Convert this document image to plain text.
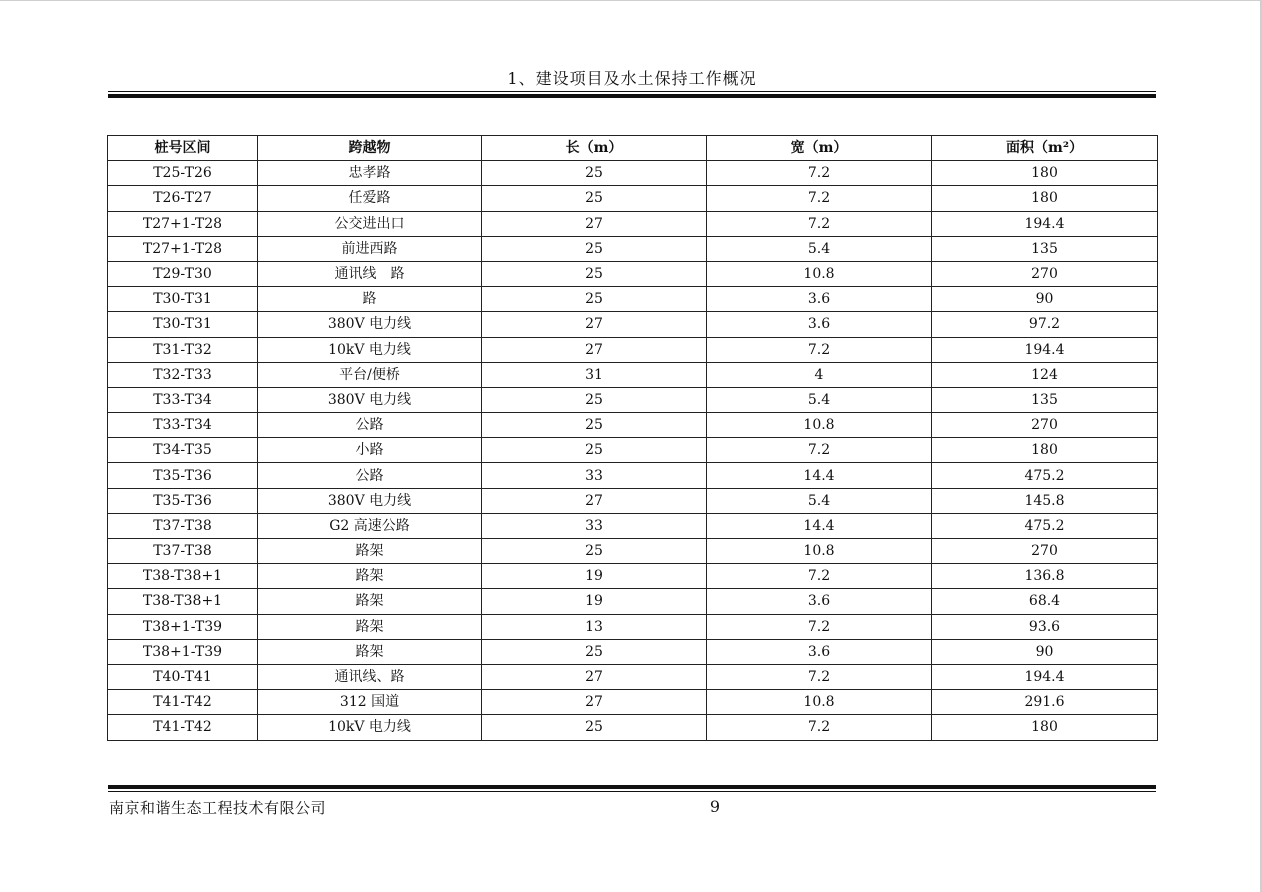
1、建设项目及水土保持工作概况
桩号区间	跨越物	长（m）	宽（m）	面积（m²）
T25-T26	忠孝路	25	7.2	180
T26-T27	任爱路	25	7.2	180
T27+1-T28	公交进出口	27	7.2	194.4
T27+1-T28	前进西路	25	5.4	135
T29-T30	通讯线　路	25	10.8	270
T30-T31	路	25	3.6	90
T30-T31	380V 电力线	27	3.6	97.2
T31-T32	10kV 电力线	27	7.2	194.4
T32-T33	平台/便桥	31	4	124
T33-T34	380V 电力线	25	5.4	135
T33-T34	公路	25	10.8	270
T34-T35	小路	25	7.2	180
T35-T36	公路	33	14.4	475.2
T35-T36	380V 电力线	27	5.4	145.8
T37-T38	G2 高速公路	33	14.4	475.2
T37-T38	路架	25	10.8	270
T38-T38+1	路架	19	7.2	136.8
T38-T38+1	路架	19	3.6	68.4
T38+1-T39	路架	13	7.2	93.6
T38+1-T39	路架	25	3.6	90
T40-T41	通讯线、路	27	7.2	194.4
T41-T42	312 国道	27	10.8	291.6
T41-T42	10kV 电力线	25	7.2	180
南京和谐生态工程技术有限公司	9
